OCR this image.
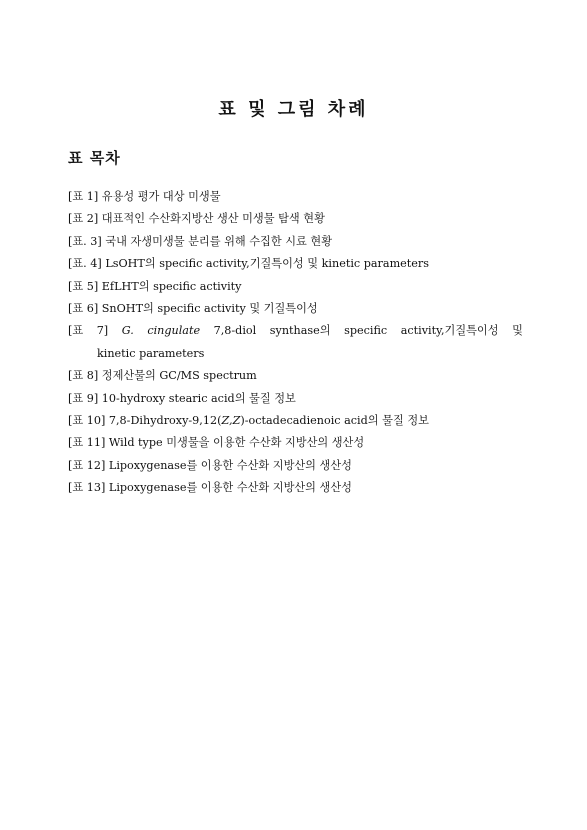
표 및 그림 차례
표 목차
[표 1] 유용성 평가 대상 미생물
[표 2] 대표적인 수산화지방산 생산 미생물 탐색 현황
[표. 3] 국내 자생미생물 분리를 위해 수집한 시료 현황
[표. 4] LsOHT의 specific activity,기질특이성 및 kinetic parameters
[표 5] EfLHT의 specific activity
[표 6] SnOHT의 specific activity 및 기질특이성
[표 7] G. cingulate 7,8-diol synthase의 specific activity,기질특이성 및
kinetic parameters
[표 8] 정제산물의 GC/MS spectrum
[표 9] 10-hydroxy stearic acid의 물질 정보
[표 10] 7,8-Dihydroxy-9,12(Z,Z)-octadecadienoic acid의 물질 정보
[표 11] Wild type 미생물을 이용한 수산화 지방산의 생산성
[표 12] Lipoxygenase를 이용한 수산화 지방산의 생산성
[표 13] Lipoxygenase를 이용한 수산화 지방산의 생산성
